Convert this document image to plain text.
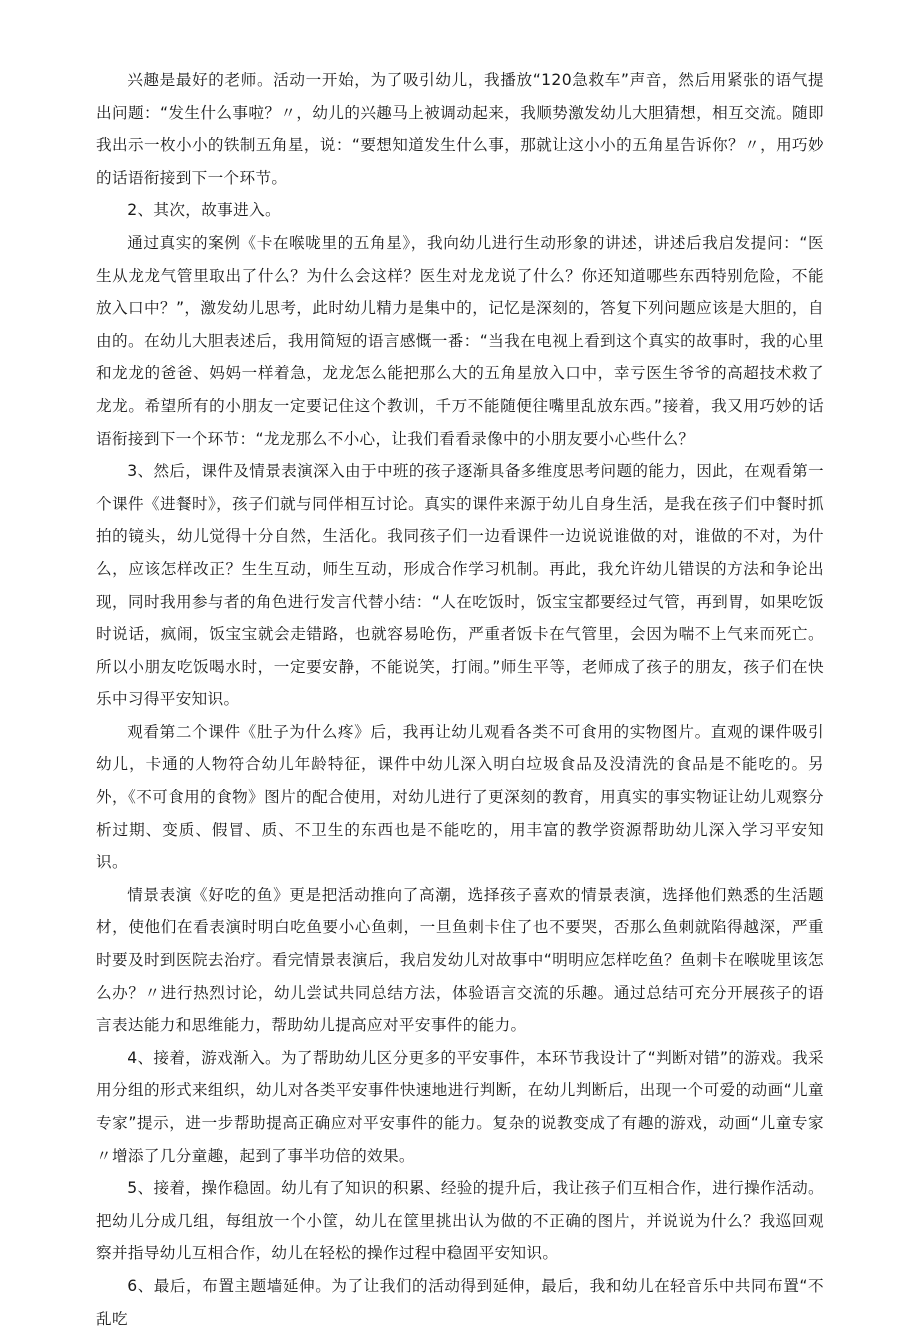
兴趣是最好的老师。活动一开始，为了吸引幼儿，我播放“120急救车”声音，然后用紧张的语气提出问题：“发生什么事啦？〃，幼儿的兴趣马上被调动起来，我顺势激发幼儿大胆猜想，相互交流。随即我出示一枚小小的铁制五角星，说：“要想知道发生什么事，那就让这小小的五角星告诉你？〃，用巧妙的话语衔接到下一个环节。

2、其次，故事进入。

通过真实的案例《卡在喉咙里的五角星》，我向幼儿进行生动形象的讲述，讲述后我启发提问：“医生从龙龙气管里取出了什么？为什么会这样？医生对龙龙说了什么？你还知道哪些东西特别危险，不能放入口中？”，激发幼儿思考，此时幼儿精力是集中的，记忆是深刻的，答复下列问题应该是大胆的，自由的。在幼儿大胆表述后，我用简短的语言感慨一番：“当我在电视上看到这个真实的故事时，我的心里和龙龙的爸爸、妈妈一样着急，龙龙怎么能把那么大的五角星放入口中，幸亏医生爷爷的高超技术救了龙龙。希望所有的小朋友一定要记住这个教训，千万不能随便往嘴里乱放东西。”接着，我又用巧妙的话语衔接到下一个环节：“龙龙那么不小心，让我们看看录像中的小朋友要小心些什么？

3、然后，课件及情景表演深入由于中班的孩子逐渐具备多维度思考问题的能力，因此，在观看第一个课件《进餐时》，孩子们就与同伴相互讨论。真实的课件来源于幼儿自身生活，是我在孩子们中餐时抓拍的镜头，幼儿觉得十分自然，生活化。我同孩子们一边看课件一边说说谁做的对，谁做的不对，为什么，应该怎样改正？生生互动，师生互动，形成合作学习机制。再此，我允许幼儿错误的方法和争论出现，同时我用参与者的角色进行发言代替小结：“人在吃饭时，饭宝宝都要经过气管，再到胃，如果吃饭时说话，疯闹，饭宝宝就会走错路，也就容易呛伤，严重者饭卡在气管里，会因为喘不上气来而死亡。所以小朋友吃饭喝水时，一定要安静，不能说笑，打闹。”师生平等，老师成了孩子的朋友，孩子们在快乐中习得平安知识。

观看第二个课件《肚子为什么疼》后，我再让幼儿观看各类不可食用的实物图片。直观的课件吸引幼儿，卡通的人物符合幼儿年龄特征，课件中幼儿深入明白垃圾食品及没清洗的食品是不能吃的。另外，《不可食用的食物》图片的配合使用，对幼儿进行了更深刻的教育，用真实的事实物证让幼儿观察分析过期、变质、假冒、质、不卫生的东西也是不能吃的，用丰富的教学资源帮助幼儿深入学习平安知识。

情景表演《好吃的鱼》更是把活动推向了高潮，选择孩子喜欢的情景表演，选择他们熟悉的生活题材，使他们在看表演时明白吃鱼要小心鱼刺，一旦鱼刺卡住了也不要哭，否那么鱼刺就陷得越深，严重时要及时到医院去治疗。看完情景表演后，我启发幼儿对故事中“明明应怎样吃鱼？鱼刺卡在喉咙里该怎么办？〃进行热烈讨论，幼儿尝试共同总结方法，体验语言交流的乐趣。通过总结可充分开展孩子的语言表达能力和思维能力，帮助幼儿提高应对平安事件的能力。

4、接着，游戏渐入。为了帮助幼儿区分更多的平安事件，本环节我设计了“判断对错”的游戏。我采用分组的形式来组织，幼儿对各类平安事件快速地进行判断，在幼儿判断后，出现一个可爱的动画“儿童专家”提示，进一步帮助提高正确应对平安事件的能力。复杂的说教变成了有趣的游戏，动画“儿童专家〃增添了几分童趣，起到了事半功倍的效果。

5、接着，操作稳固。幼儿有了知识的积累、经验的提升后，我让孩子们互相合作，进行操作活动。把幼儿分成几组，每组放一个小筐，幼儿在筐里挑出认为做的不正确的图片，并说说为什么？我巡回观察并指导幼儿互相合作，幼儿在轻松的操作过程中稳固平安知识。

6、最后，布置主题墙延伸。为了让我们的活动得到延伸，最后，我和幼儿在轻音乐中共同布置“不乱吃
